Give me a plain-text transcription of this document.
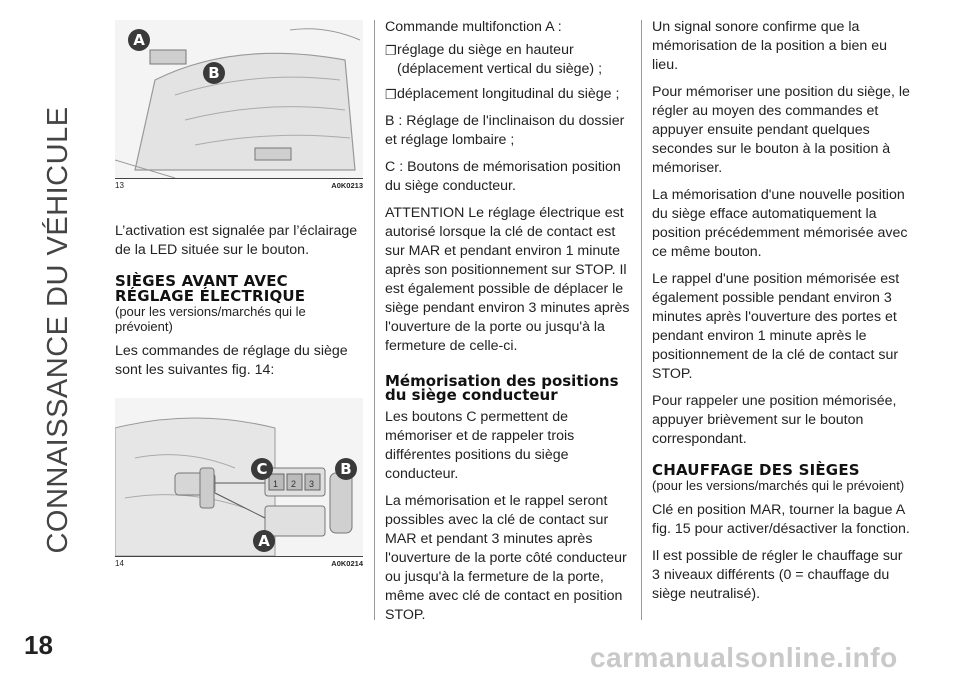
CONNAISSANCE DU VÉHICULE
18
A
B
13	A0K0213

L’activation est signalée par l’éclairage de la LED située sur le bouton.

SIÈGES AVANT AVEC RÉGLAGE ÉLECTRIQUE

(pour les versions/marchés qui le prévoient)

Les commandes de réglage du siège sont les suivantes fig. 14:

1 2 3
C	B
A
14	A0K0214

Commande multifonction A :

❐ réglage du siège en hauteur (déplacement vertical du siège) ;
❐ déplacement longitudinal du siège ;

B : Réglage de l'inclinaison du dossier et réglage lombaire ;

C : Boutons de mémorisation position du siège conducteur.

ATTENTION Le réglage électrique est autorisé lorsque la clé de contact est sur MAR et pendant environ 1 minute après son positionnement sur STOP. Il est également possible de déplacer le siège pendant environ 3 minutes après l'ouverture de la porte ou jusqu'à la fermeture de celle-ci.

Mémorisation des positions du siège conducteur

Les boutons C permettent de mémoriser et de rappeler trois différentes positions du siège conducteur.

La mémorisation et le rappel seront possibles avec la clé de contact sur MAR et pendant 3 minutes après l'ouverture de la porte côté conducteur ou jusqu'à la fermeture de la porte, même avec clé de contact en position STOP.

Un signal sonore confirme que la mémorisation de la position a bien eu lieu.

Pour mémoriser une position du siège, le régler au moyen des commandes et appuyer ensuite pendant quelques secondes sur le bouton à la position à mémoriser.

La mémorisation d'une nouvelle position du siège efface automatiquement la position précédemment mémorisée avec ce même bouton.

Le rappel d'une position mémorisée est également possible pendant environ 3 minutes après l'ouverture des portes et pendant environ 1 minute après le positionnement de la clé de contact sur STOP.

Pour rappeler une position mémorisée, appuyer brièvement sur le bouton correspondant.

CHAUFFAGE DES SIÈGES

(pour les versions/marchés qui le prévoient)

Clé en position MAR, tourner la bague A fig. 15 pour activer/désactiver la fonction.

Il est possible de régler le chauffage sur 3 niveaux différents (0 = chauffage du siège neutralisé).

carmanualsonline.info
